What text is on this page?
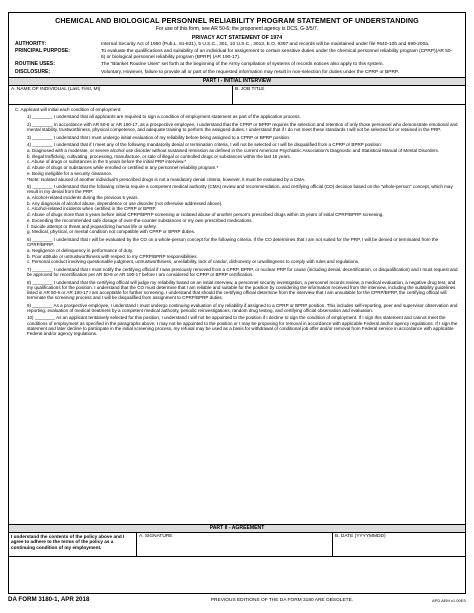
CHEMICAL AND BIOLOGICAL PERSONNEL RELIABILITY PROGRAM STATEMENT OF UNDERSTANDING
For use of this form, see AR 50-6; the proponent agency is DCS, G-3/5/7.
PRIVACY ACT STATEMENT OF 1974
AUTHORITY:	Internal Security Act of 1950 (Pub.L. 81-831), 5 U.S.C., 301, 10 U.S.C., 3013, E.O. 9397 and records will be maintained under file #640-10b and 690-200a.
PRINCIPAL PURPOSE:	To evaluate the qualifications and suitability of an individual for assignment to certain sensitive duties under the chemical personnel reliability program (CPRP)(AR 50-6) or biological personnel reliability program (BPRP) (AR 190-17).
ROUTINE USES:	The "Blanket Routine Uses" set forth at the beginning of the Army compilation of systems of records notices also apply to this system.
DISCLOSURE:	Voluntary. However, failure to provide all or part of the requested information may result in non-selection for duties under the CPRP or BPRP.
PART I - INITIAL INTERVIEW
A. NAME OF INDIVIDUAL (Last, First, MI)	B. JOB TITLE

C. Applicant will initial each condition of employment:

1) ________ I understand that all applicants are required to sign a condition of employment statement as part of the application process.

2) ________ In accordance with AR 50-6 or AR 190-17, as a prospective employee, I understand that the CPRP or BPRP requires the selection and retention of only those personnel who demonstrate emotional and mental stability, trustworthiness, physical competence, and adequate training to perform the assigned duties. I understand that if I do not meet these standards I will not be selected for or retained in the PRP.

3) ________ I understand that I must undergo initial evaluation of my reliability before being assigned to a CPRP or BPRP position.

4) ________ I understand that if I meet any of the following mandatorily denial or termination criteria, I will not be selected or I will be disqualified from a CPRP or BPRP position:

a. Diagnosed with a moderate, or severe alcohol use disorder without sustained remission as defined in the current American Psychiatric Association's Diagnostic and Statistical Manual of Mental Disorders.

b. Illegal trafficking, cultivating, processing, manufacture, or sale of illegal or controlled drugs or substances within the last 15 years.

c. Abuse of drugs or substances in the 5 years before the initial PRP interview.*

d. Abuse of drugs or substances while enrolled or certified in any personnel reliability program.*

e. Being ineligible for a security clearance.

*Note: Isolated abused of another individual's prescribed drugs is not a mandatory denial criteria, however, it must be evaluated by a CMA.

5) ________ I understand that the following criteria require a competent medical authority (CMA) review and recommendation, and certifying official (CO) decision based on the "whole-person" concept, which may result in my denial from the PRP:

a. Alcohol-related incidents during the previous 5 years.

b. Any diagnosis of alcohol abuse, dependence or use disorder (not otherwise addressed above).

c. Alcohol-related incidents when certified in the CPRP or BPRP.

d. Abuse of drugs more than 5 years before initial CPRP/BPRP screening or isolated abuse of another person's prescribed drugs within 15 years of initial CPRP/BPRP screening.

e. Exceeding the recommended safe dosage of over-the-counter substances or my own prescribed medications.

f. Suicide attempt or threat and jeopardizing human life or safety.

g. Medical, physical, or mental condition not compatible with CPRP or BPRP duties.

6) ________ I understand that I will be evaluated by the CO on a whole-person concept for the following criteria. If the CO determines that I am not suited for the PRP, I will be denied or terminated from the CPRP/BPRP.

a. Negligence or delinquency in performance of duty.

b. Poor attitude or untrustworthiness with respect to my CPRP/BPRP responsibilities.

c. Personal conduct involving questionable judgment, untrustworthiness, unreliability, lack of candor, dishonesty or unwillingness to comply with rules and regulations.

7) ________ I understand that I must notify the certifying official if I was previously removed from a CPRP, BPRP, or nuclear PRP for cause (including denial, decertification, or disqualification) and I must request and be approved for recertification per AR 50-6 or AR 190-17 before I am considered for CPRP or BPRP certification.

8) ________ I understand that the certifying official will judge my reliability based on an initial interview, a personnel security investigation, a personnel records review, a medical evaluation, a negative drug test, and my qualifications for the position. I understand that the CO must determine that I am reliable and suitable for the position by considering the information received from the interview, including the suitability guidelines listed in AR 50-6 or AR 190-17 I am acceptable for further screening. I understand that should the certifying official determine from the interview that I am unsuitable for the CPRP/BPRP, the certifying official will terminate the screening process and I will be disqualified from assignment to CPRP/BPRP duties.

9) ________ As a prospective employee, I understand I must undergo continuing evaluation of my reliability if assigned to a CPRP or BPRP position. This includes self-reporting, peer and supervisor observation and reporting, evaluation of medical treatment by a competent medical authority, periodic reinvestigations, random drug testing, and certifying official observation and evaluation.

10) ________ As an applicant tentatively selected for this position, I understand I will not be appointed to the position if I decline to sign the condition of employment. If I sign this statement and cannot meet the conditions of employment as specified in the paragraphs above, I may not be appointed to the position or I may be proposing for removal in accordance with applicable Federal and/or agency regulations. If I sign the statement and later decline to participate in the initial screening process, my refusal may be used as a basis for withdrawal of conditional job offer and/or removal from Federal service in accordance with applicable Federal and/or agency regulations.

PART II - AGREEMENT
I understand the contents of the policy above and I agree to adhere to the terms of the policy as a continuing condition of my employment.
A. SIGNATURE	B. DATE (YYYYMMDD)
DA FORM 3180-1, APR 2018	PREVIOUS EDITIONS OF THE DA FORM 3180 ARE OBSOLETE.	APD AEM v1.00ES
